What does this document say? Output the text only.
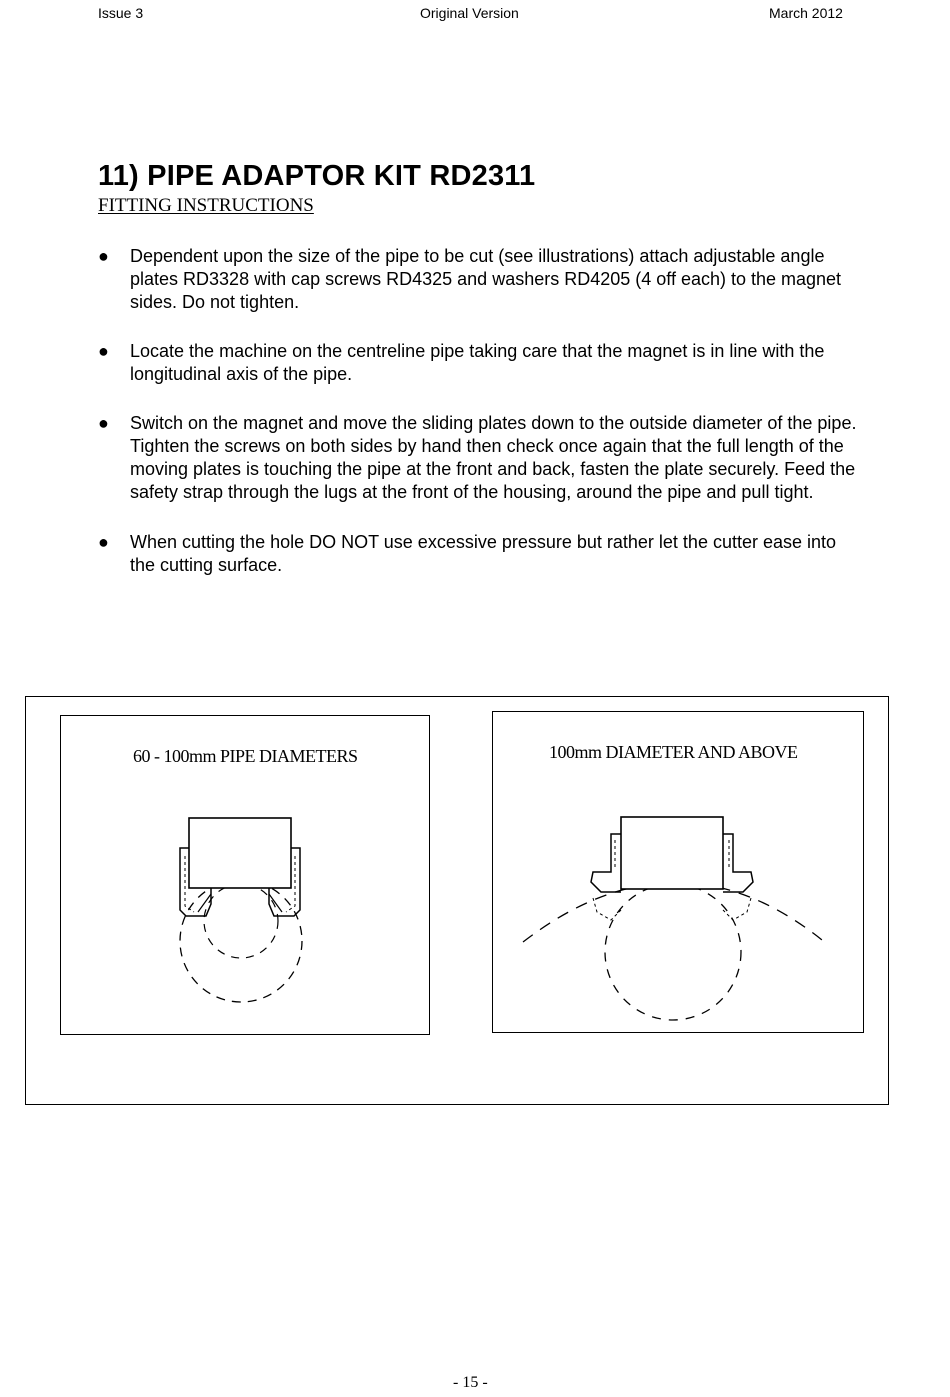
Issue 3	Original Version	March 2012
11) PIPE ADAPTOR KIT RD2311
FITTING INSTRUCTIONS
● Dependent upon the size of the pipe to be cut (see illustrations) attach adjustable angle plates RD3328 with cap screws RD4325 and washers RD4205 (4 off each) to the magnet sides. Do not tighten.
● Locate the machine on the centreline pipe taking care that the magnet is in line with the longitudinal axis of the pipe.
● Switch on the magnet and move the sliding plates down to the outside diameter of the pipe. Tighten the screws on both sides by hand then check once again that the full length of the moving plates is touching the pipe at the front and back, fasten the plate securely. Feed the safety strap through the lugs at the front of the housing, around the pipe and pull tight.
● When cutting the hole DO NOT use excessive pressure but rather let the cutter ease into the cutting surface.
60 - 100mm PIPE DIAMETERS	100mm DIAMETER AND ABOVE
- 15 -
